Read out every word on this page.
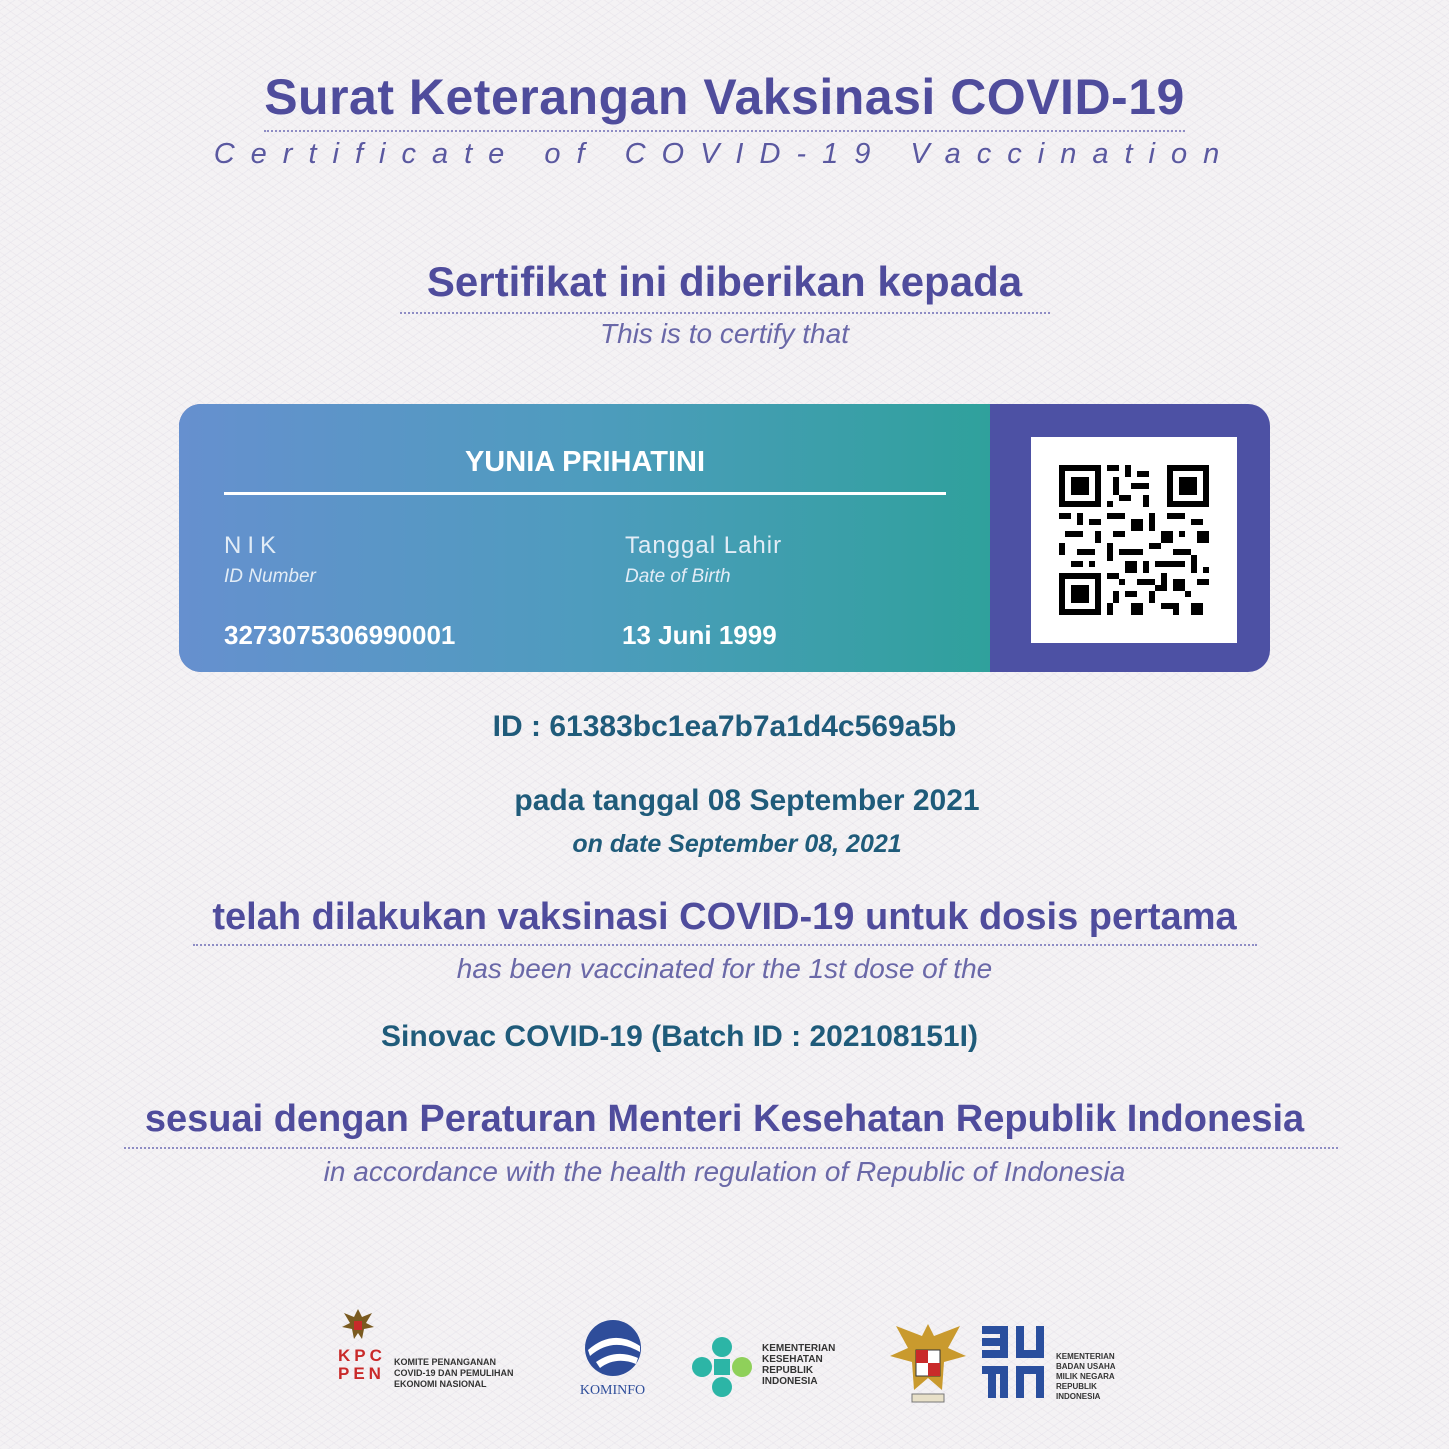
Surat Keterangan Vaksinasi COVID-19
Certificate of COVID-19 Vaccination
Sertifikat ini diberikan kepada
This is to certify that
YUNIA PRIHATINI
NIK
ID Number
3273075306990001
Tanggal Lahir
Date of Birth
13 Juni 1999
ID : 61383bc1ea7b7a1d4c569a5b
pada tanggal 08 September 2021
on date September 08, 2021
telah dilakukan vaksinasi COVID-19 untuk dosis pertama
has been vaccinated for the 1st dose of the
Sinovac COVID-19 (Batch ID : 202108151I)
sesuai dengan Peraturan Menteri Kesehatan Republik Indonesia
in accordance with the health regulation of Republic of Indonesia
KPC
PEN
KOMITE PENANGANAN
COVID-19 DAN PEMULIHAN
EKONOMI NASIONAL	KOMINFO
KEMENTERIAN
KESEHATAN
REPUBLIK
INDONESIA
KEMENTERIAN
BADAN USAHA
MILIK NEGARA
REPUBLIK
INDONESIA
